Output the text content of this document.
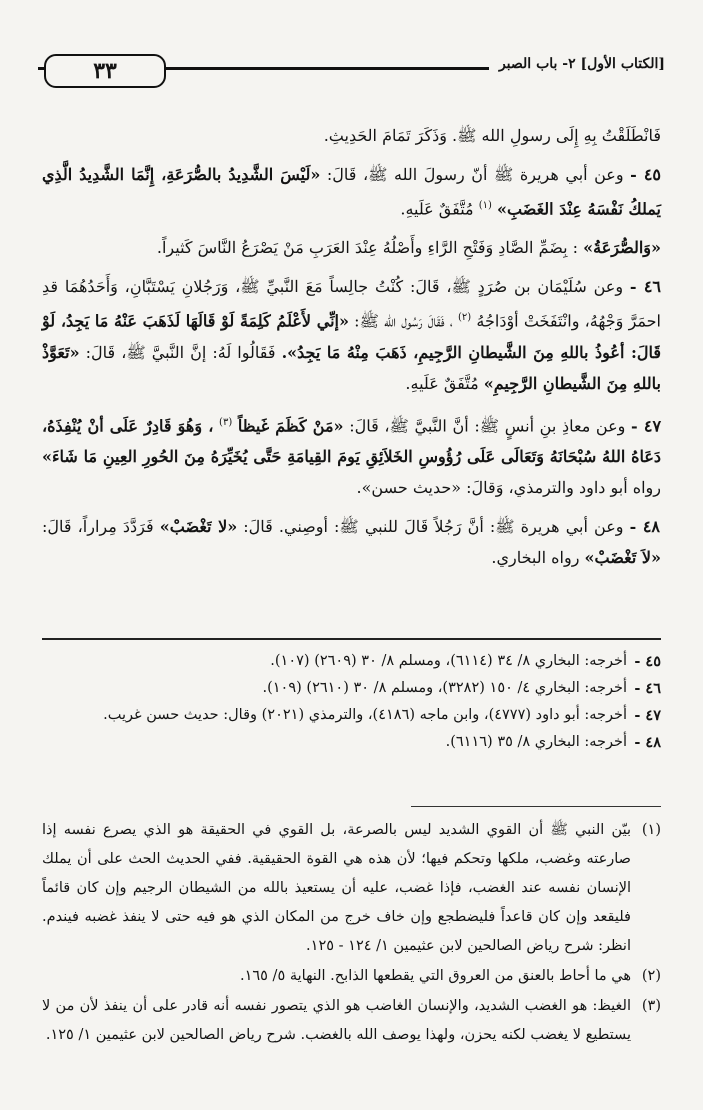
٣٣	[الكتاب الأول] ٢- باب الصبر

فَانْطَلَقْتُ بِهِ إِلَى رسولِ الله ﷺ. وَذَكَرَ تَمَامَ الحَدِيثِ.

٤٥ - وعن أبي هريرة ﷺ أنّ رسولَ الله ﷺ، قَالَ: «لَيْسَ الشَّدِيدُ بالصُّرَعَةِ، إِنَّمَا الشَّدِيدُ الَّذِي يَملكُ نَفْسَهُ عِنْدَ الغَضَبِ» $^{(١)}$ مُتَّفَقٌ عَلَيهِ.

«وَالصُّرَعَةُ» : بِضَمِّ الصَّادِ وَفَتْحِ الرَّاءِ وأَصْلُهُ عِنْدَ العَرَبِ مَنْ يَصْرَعُ النَّاسَ كَثيراً.

٤٦ - وعن سُلَيْمَان بن صُرَدٍ ﷺ، قَالَ: كُنْتُ جالِساً مَعَ النَّبيِّ ﷺ، وَرَجُلانِ يَسْتَبَّانِ، وَأَحَدُهُمَا قدِ احمَرَّ وَجْهُهُ، وانْتَفَخَتْ أوْدَاجُهُ $^{(٢)}$ ، فَقَالَ رَسُول الله ﷺ: «إنِّي لأَعْلَمُ كَلِمَةً لَوْ قَالَهَا لَذَهَبَ عَنْهُ مَا يَجِدُ، لَوْ قَالَ: أعُوذُ باللهِ مِنَ الشَّيطانِ الرَّجِيمِ، ذَهَبَ مِنْهُ مَا يَجِدُ». فَقَالُوا لَهُ: إنَّ النَّبيَّ ﷺ، قَالَ: «تَعَوَّذْ باللهِ مِنَ الشَّيطانِ الرَّجِيمِ» مُتَّفَقٌ عَلَيهِ.

٤٧ - وعن معاذِ بنِ أنسٍ ﷺ: أنَّ النَّبيَّ ﷺ، قَالَ: «مَنْ كَظَمَ غَيظاً $^{(٣)}$ ، وَهُوَ قَادِرٌ عَلَى أنْ يُنْفِذَهُ، دَعَاهُ اللهُ سُبْحَانَهُ وَتَعَالَى عَلَى رُؤُوسِ الخَلاَئِقِ يَومَ القِيامَةِ حَتَّى يُخَيِّرَهُ مِنَ الحُورِ العِينِ مَا شَاءَ» رواه أبو داود والترمذي، وَقالَ: «حديث حسن».

٤٨ - وعن أبي هريرة ﷺ: أنَّ رَجُلاً قَالَ للنبي ﷺ: أوصِني. قَالَ: «لا تَغْضَبْ» فَرَدَّدَ مِراراً، قَالَ: «لاَ تَغْضَبْ» رواه البخاري.

٤٥ -
أخرجه: البخاري ٨/ ٣٤ (٦١١٤)، ومسلم ٨/ ٣٠ (٢٦٠٩) (١٠٧).
٤٦ -
أخرجه: البخاري ٤/ ١٥٠ (٣٢٨٢)، ومسلم ٨/ ٣٠ (٢٦١٠) (١٠٩).
٤٧ -
أخرجه: أبو داود (٤٧٧٧)، وابن ماجه (٤١٨٦)، والترمذي (٢٠٢١) وقال: حديث حسن غريب.
٤٨ -
أخرجه: البخاري ٨/ ٣٥ (٦١١٦).
(١)
بيّن النبي ﷺ أن القوي الشديد ليس بالصرعة، بل القوي في الحقيقة هو الذي يصرع نفسه إذا صارعته وغضب، ملكها وتحكم فيها؛ لأن هذه هي القوة الحقيقية. ففي الحديث الحث على أن يملك الإنسان نفسه عند الغضب، فإذا غضب، عليه أن يستعيذ بالله من الشيطان الرجيم وإن كان قائماً فليقعد وإن كان قاعداً فليضطجع وإن خاف خرج من المكان الذي هو فيه حتى لا ينفذ غضبه فيندم. انظر: شرح رياض الصالحين لابن عثيمين ١/ ١٢٤ - ١٢٥.
(٢)
هي ما أحاط بالعنق من العروق التي يقطعها الذابح. النهاية ٥/ ١٦٥.
(٣)
الغيظ: هو الغضب الشديد، والإنسان الغاضب هو الذي يتصور نفسه أنه قادر على أن ينفذ لأن من لا يستطيع لا يغضب لكنه يحزن، ولهذا يوصف الله بالغضب. شرح رياض الصالحين لابن عثيمين ١/ ١٢٥.
